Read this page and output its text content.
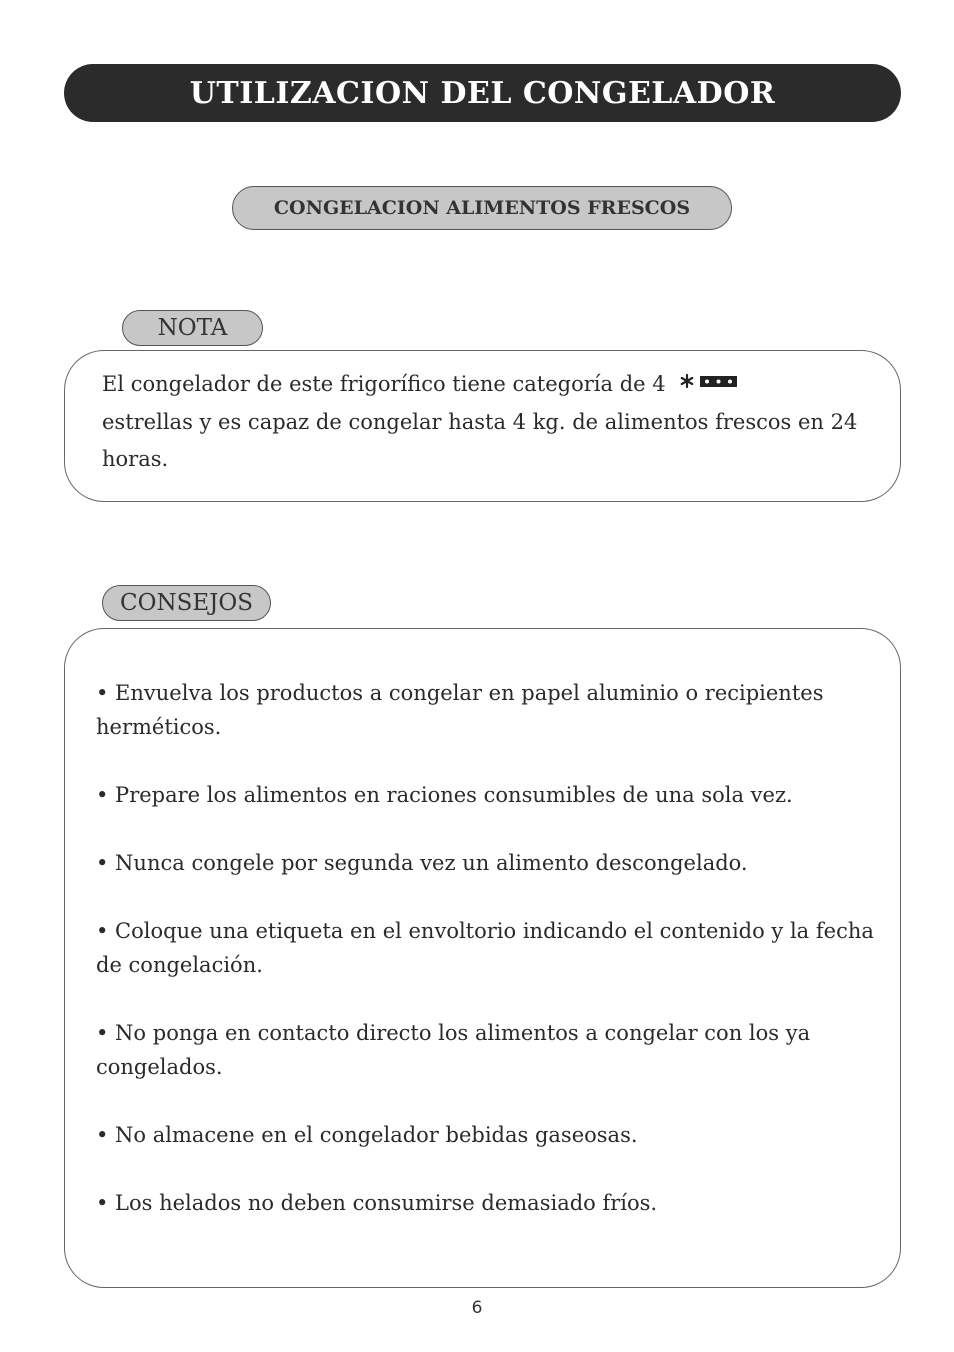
UTILIZACION DEL CONGELADOR
CONGELACION ALIMENTOS FRESCOS
NOTA
El congelador de este frigorífico tiene categoría de 4
estrellas y es capaz de congelar hasta 4 kg. de alimentos frescos en 24 horas.
CONSEJOS
• Envuelva los productos a congelar en papel aluminio o recipientes herméticos.
• Prepare los alimentos en raciones consumibles de una sola vez.
• Nunca congele por segunda vez un alimento descongelado.
• Coloque una etiqueta en el envoltorio indicando el contenido y la fecha de congelación.
• No ponga en contacto directo los alimentos a congelar con los ya congelados.
• No almacene en el congelador bebidas gaseosas.
• Los helados no deben consumirse demasiado fríos.
6
